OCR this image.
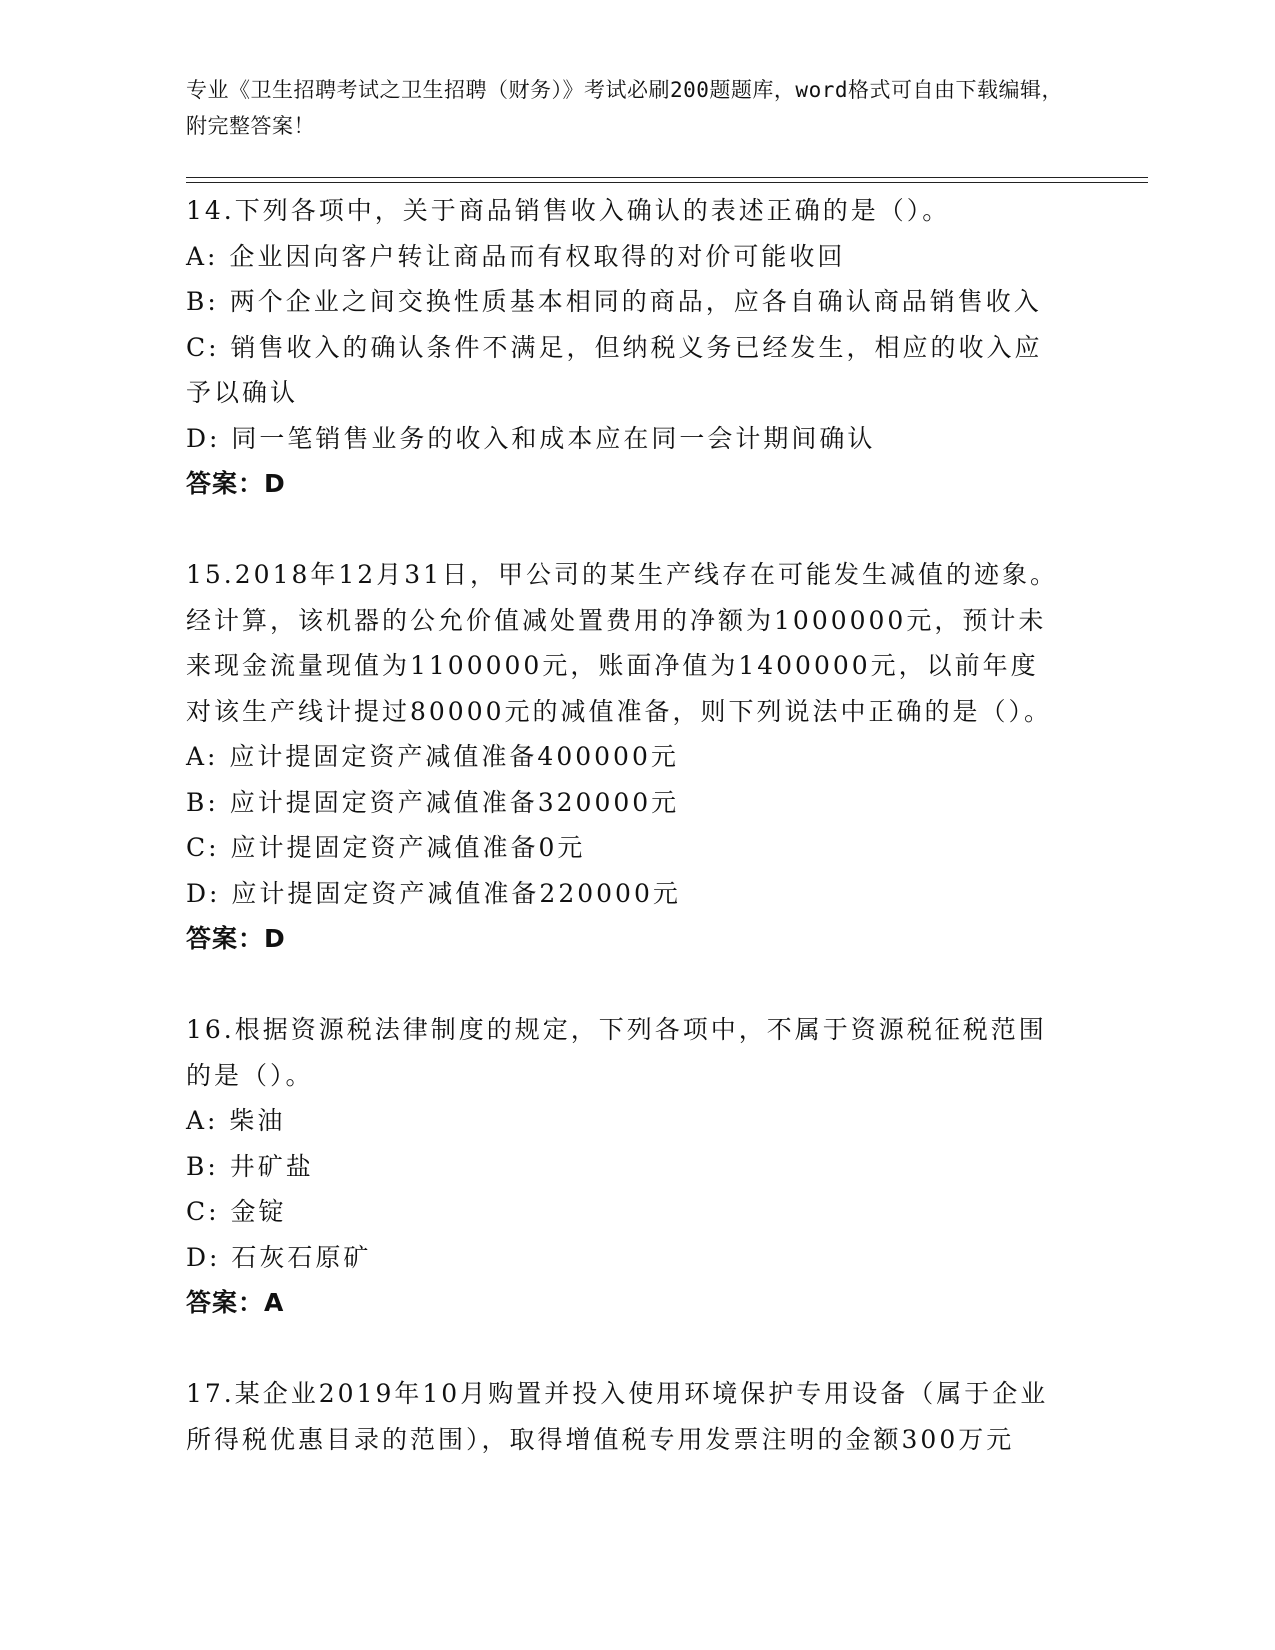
专业《卫生招聘考试之卫生招聘（财务）》考试必刷200题题库，word格式可自由下载编辑，附完整答案！

14.下列各项中，关于商品销售收入确认的表述正确的是（）。

A: 企业因向客户转让商品而有权取得的对价可能收回

B: 两个企业之间交换性质基本相同的商品，应各自确认商品销售收入

C: 销售收入的确认条件不满足，但纳税义务已经发生，相应的收入应予以确认

D: 同一笔销售业务的收入和成本应在同一会计期间确认

答案：D

15.2018年12月31日，甲公司的某生产线存在可能发生减值的迹象。经计算，该机器的公允价值减处置费用的净额为1000000元，预计未来现金流量现值为1100000元，账面净值为1400000元，以前年度对该生产线计提过80000元的减值准备，则下列说法中正确的是（）。

A: 应计提固定资产减值准备400000元

B: 应计提固定资产减值准备320000元

C: 应计提固定资产减值准备0元

D: 应计提固定资产减值准备220000元

答案：D

16.根据资源税法律制度的规定，下列各项中，不属于资源税征税范围的是（）。

A: 柴油

B: 井矿盐

C: 金锭

D: 石灰石原矿

答案：A

17.某企业2019年10月购置并投入使用环境保护专用设备（属于企业所得税优惠目录的范围），取得增值税专用发票注明的金额300万元
